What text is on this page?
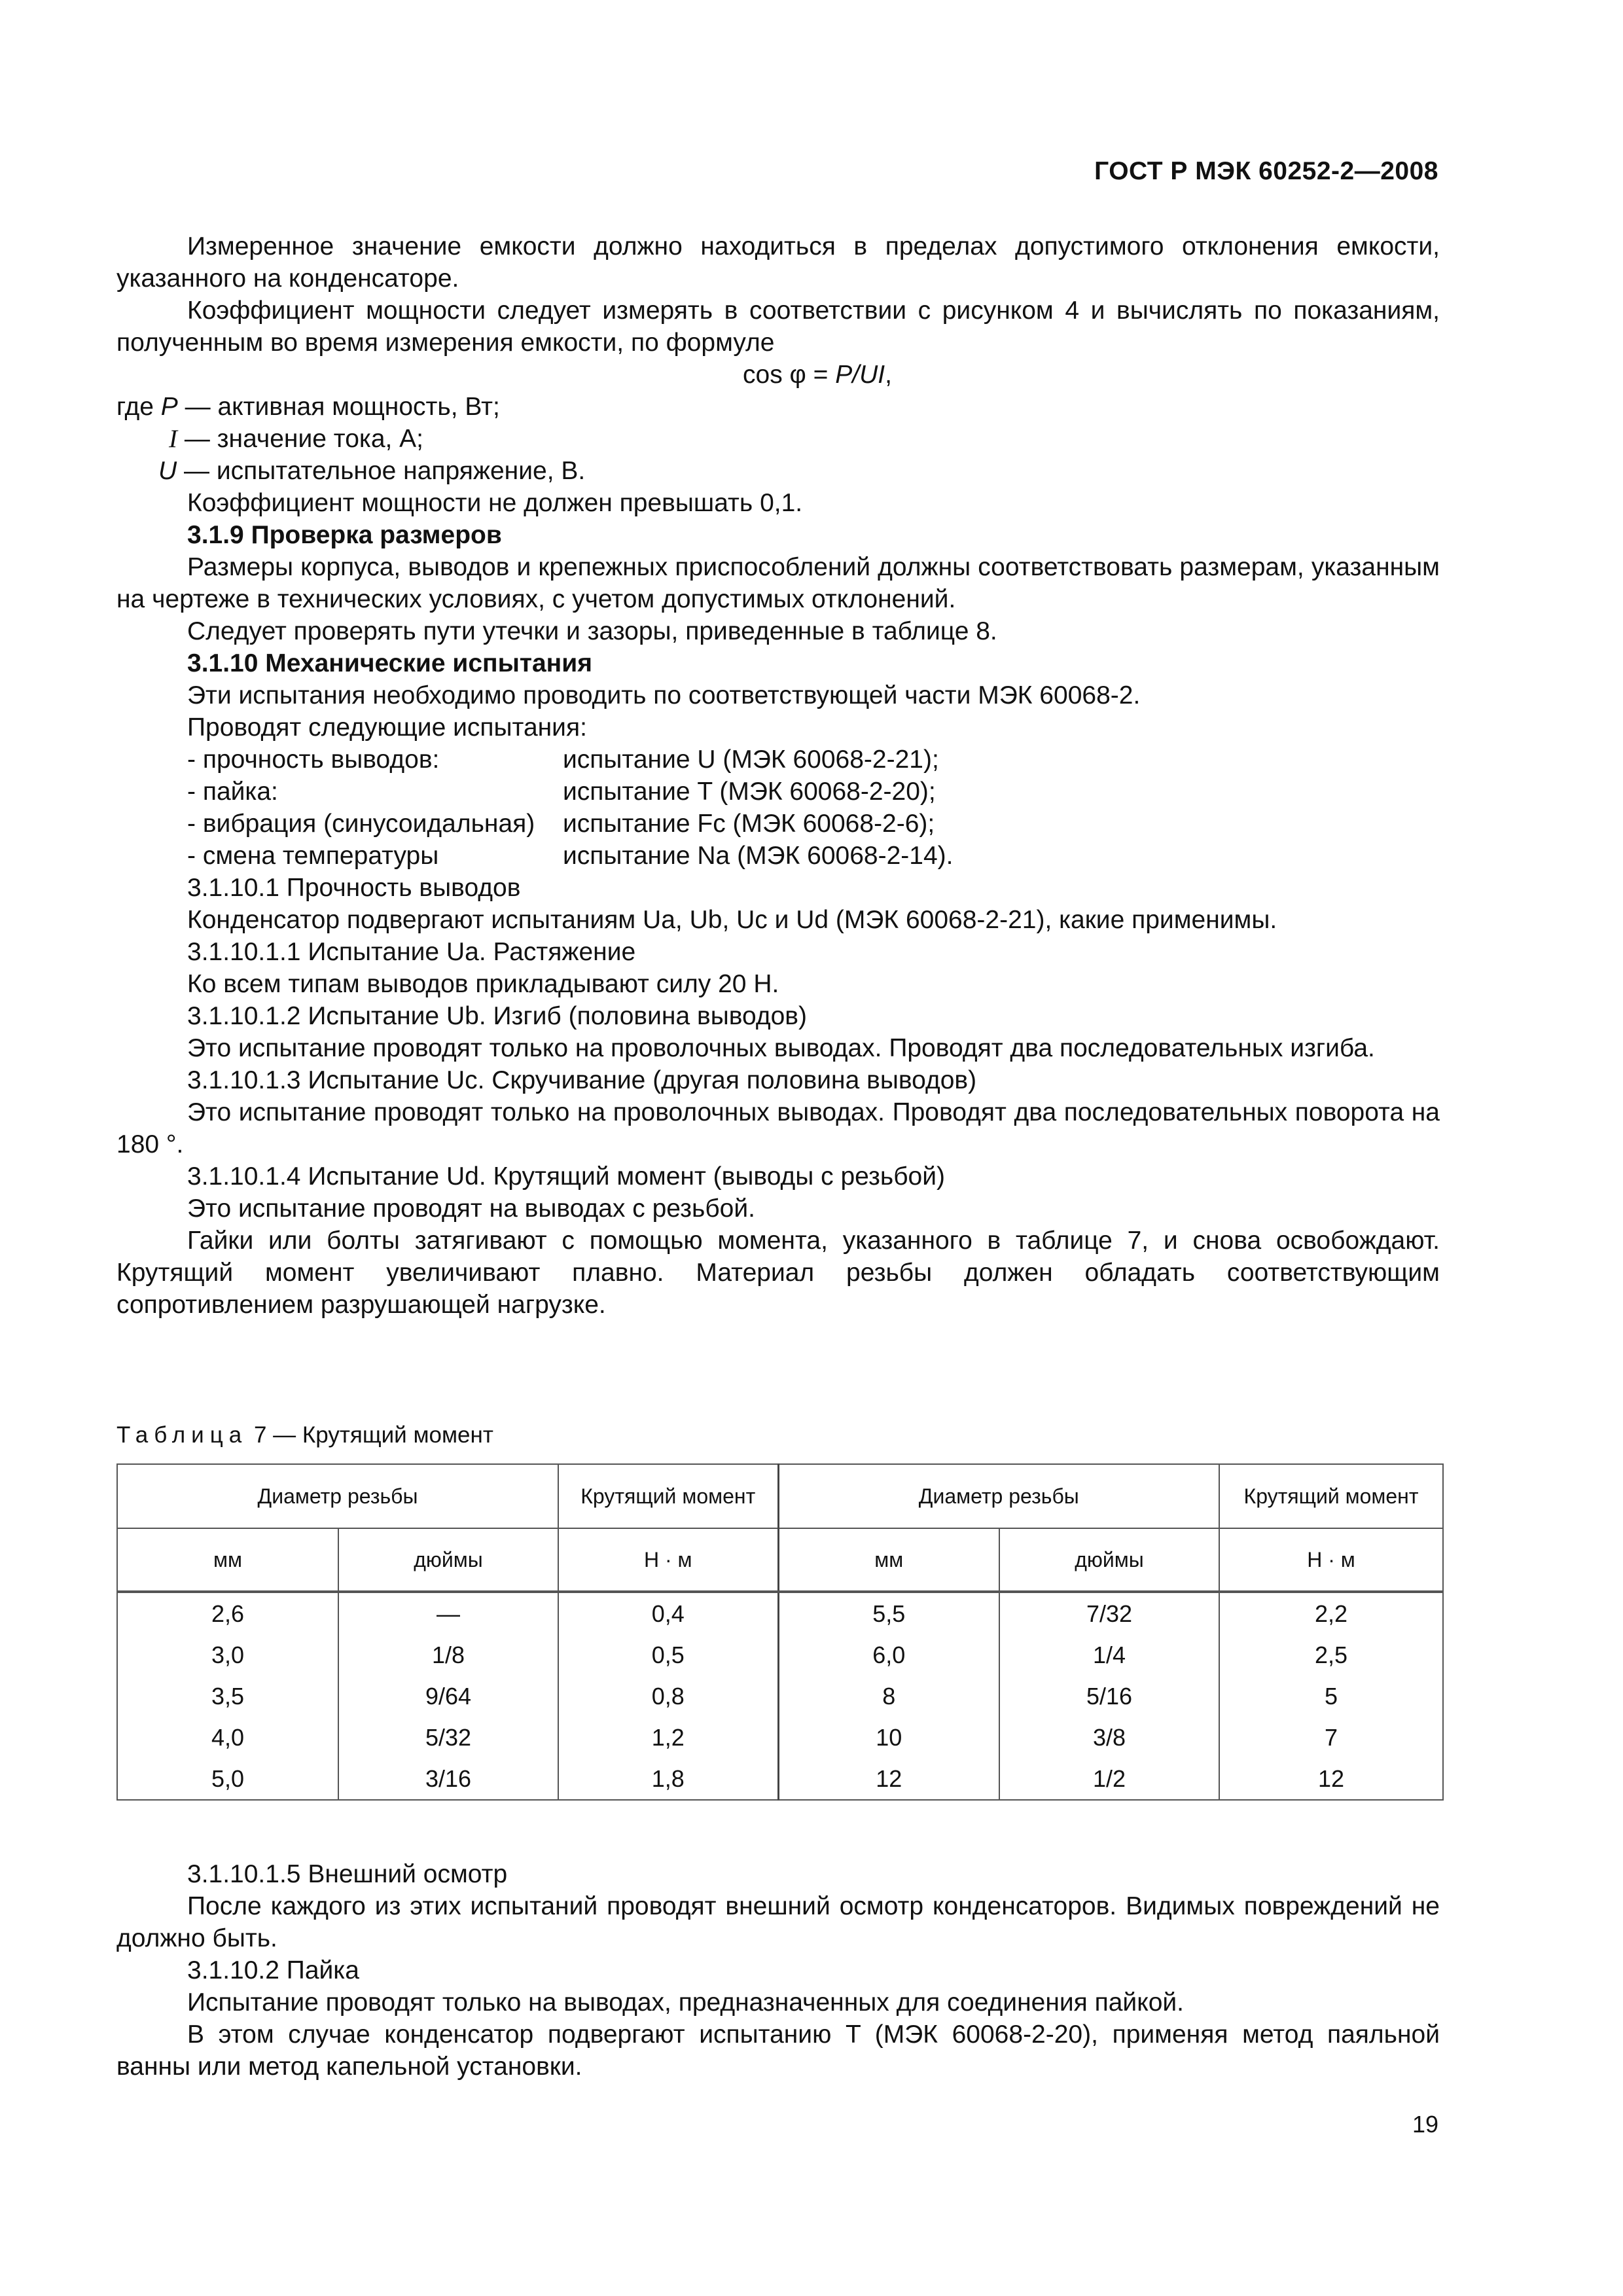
ГОСТ Р МЭК 60252-2—2008

Измеренное значение емкости должно находиться в пределах допустимого отклонения емкости, указанного на конденсаторе.

Коэффициент мощности следует измерять в соответствии с рисунком 4 и вычислять по показаниям, полученным во время измерения емкости, по формуле

cos φ = P/UI,

где P — активная мощность, Вт;

I — значение тока, А;

U — испытательное напряжение, В.

Коэффициент мощности не должен превышать 0,1.

3.1.9 Проверка размеров

Размеры корпуса, выводов и крепежных приспособлений должны соответствовать размерам, указанным на чертеже в технических условиях, с учетом допустимых отклонений.

Следует проверять пути утечки и зазоры, приведенные в таблице 8.

3.1.10 Механические испытания

Эти испытания необходимо проводить по соответствующей части МЭК 60068-2.

Проводят следующие испытания:

- прочность выводов:	испытание U (МЭК 60068-2-21);
- пайка:	испытание T (МЭК 60068-2-20);
- вибрация (синусоидальная)	испытание Fc (МЭК 60068-2-6);
- смена температуры	испытание Na (МЭК 60068-2-14).

3.1.10.1 Прочность выводов

Конденсатор подвергают испытаниям Ua, Ub, Uc и Ud (МЭК 60068-2-21), какие применимы.

3.1.10.1.1 Испытание Ua. Растяжение

Ко всем типам выводов прикладывают силу 20 Н.

3.1.10.1.2 Испытание Ub. Изгиб (половина выводов)

Это испытание проводят только на проволочных выводах. Проводят два последовательных изгиба.

3.1.10.1.3 Испытание Uc. Скручивание (другая половина выводов)

Это испытание проводят только на проволочных выводах. Проводят два последовательных поворота на 180 °.

3.1.10.1.4 Испытание Ud. Крутящий момент (выводы с резьбой)

Это испытание проводят на выводах с резьбой.

Гайки или болты затягивают с помощью момента, указанного в таблице 7, и снова освобождают. Крутящий момент увеличивают плавно. Материал резьбы должен обладать соответствующим сопротивлением разрушающей нагрузке.

Таблица 7 — Крутящий момент
Диаметр резьбы		Крутящий момент	Диаметр резьбы		Крутящий момент
мм	дюймы	Н · м	мм	дюймы	Н · м
2,6	—	0,4	5,5	7/32	2,2
3,0	1/8	0,5	6,0	1/4	2,5
3,5	9/64	0,8	8	5/16	5
4,0	5/32	1,2	10	3/8	7
5,0	3/16	1,8	12	1/2	12

3.1.10.1.5 Внешний осмотр

После каждого из этих испытаний проводят внешний осмотр конденсаторов. Видимых повреждений не должно быть.

3.1.10.2 Пайка

Испытание проводят только на выводах, предназначенных для соединения пайкой.

В этом случае конденсатор подвергают испытанию T (МЭК 60068-2-20), применяя метод паяльной ванны или метод капельной установки.

19
